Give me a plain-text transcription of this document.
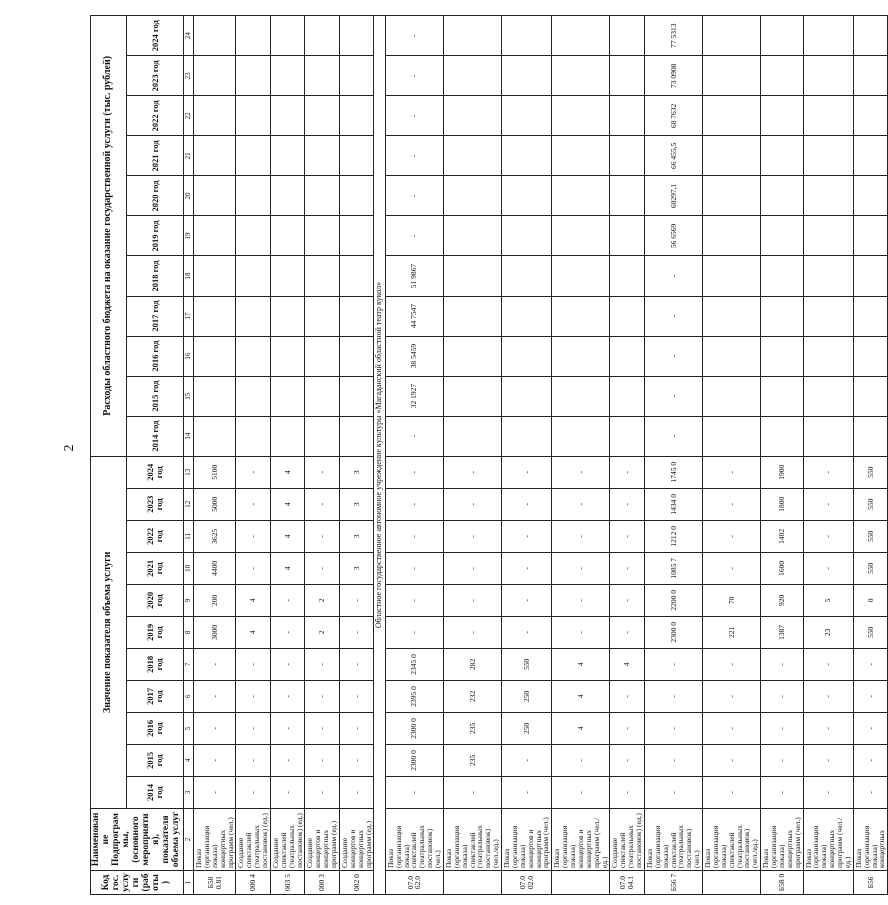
2
Код гос. услуги (работы)	Наименование Подпрограммы, (основного мероприятия), показателя объема услуг	Значение показателя объема услуги											Расходы областного бюджета на оказание государственной услуги (тыс. рублей)										
		2014 год	2015 год	2016 год	2017 год	2018 год	2019 год	2020 год	2021 год	2022 год	2023 год	2024 год	2014 год	2015 год	2016 год	2017 год	2018 год	2019 год	2020 год	2021 год	2022 год	2023 год	2024 год
1	2	3	4	5	6	7	8	9	10	11	12	13	14	15	16	17	18	19	20	21	22	23	24
Б58 0.81	Показ (организация показа) концертных программ (чел.)	-	-	-	-	-	3000	200	4400	3625	5000	5100											
000 4	Создание спектаклей (театральных постановок) (ед.)	-	-	-	-	-	4	4	-	-	-	-											
003 5	Создание спектаклей (театральных постановок) (ед.)	-	-	-	-	-	-	-	4	4	4	4											
000 3	Создание концертов и концертных программ (ед.)	-	-	-	-	-	2	2	-	-	-	-											
002 0	Создание концертов и концертных программ (ед.)	-	-	-	-	-	-	-	3	3	3	3											
Областное государственное автономное учреждение культуры «Магаданский областной театр кукол»																							
07.0 62.0	Показ (организация показа) спектаклей (театральных постановок) (чел.)	-	2300 0	2300 0	2395 0	2345 0	-	-	-	-	-	-	-	32 1927	38 5459	44 7547	51 9867	-	-	-	-	-	-
	Показ (организация показа) спектаклей (театральных постановок) (чел./ед.)	-	235	235	232	282	-	-	-	-	-	-											
07.0 02.0	Показ (организация показа) концертов и концертных программ (чел.)	-	-	250	250	550	-	-	-	-	-	-											
	Показ (организация показа) концертов и концертных программ (чел./ед.)	-	-	4	4	4	-	-	-	-	-	-											
07.0 04.1	Создание спектаклей (театральных постановок) (ед.)	-	-	-	-	4	-	-	-	-	-	-											
Б56 7	Показ (организация показа) спектаклей (театральных постановок) (чел.)	-	-	-	-	-	2300 0	2200 0	1085 7	1212 0	1434 0	1745 0	-	-	-	-	-	56 6569	60297,1	66 455,5	68 7632	73 0908	77 5313
	Показ (организация показа) спектаклей (театральных постановок) (чел./ед.)	-	-	-	-	-	221	70	-	-	-	-											
Б58 0	Показ (организация показа) концертных программ (чел.)	-	-	-	-	-	1387	920	1600	1402	1800	1900											
	Показ (организация показа) концертных программ (чел./ед.)	-	-	-	-	-	23	5	-	-	-	-											
Б56	Показ (организация показа) концертных	-	-	-	-	-	550	0	550	550	550	550											
